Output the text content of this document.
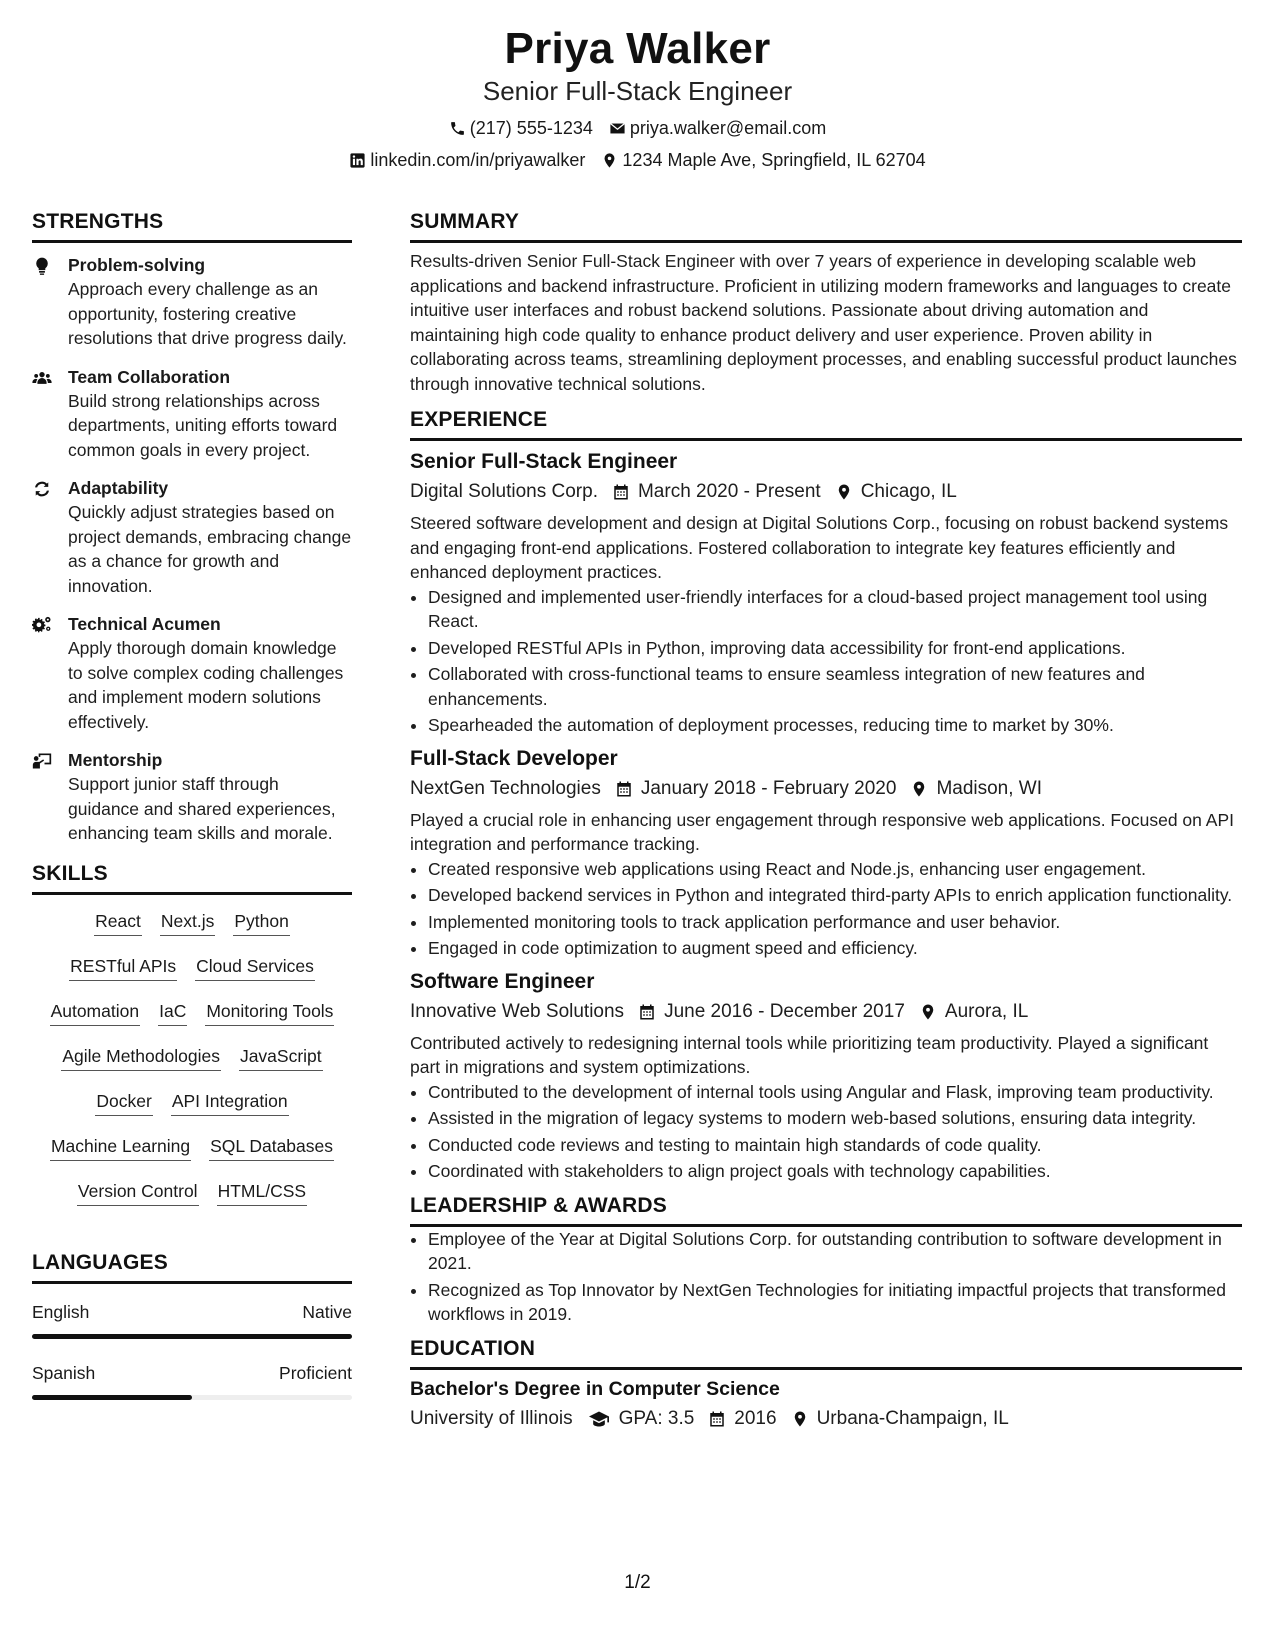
Priya Walker
Senior Full-Stack Engineer
(217) 555-1234 priya.walker@email.com
linkedin.com/in/priyawalker 1234 Maple Ave, Springfield, IL 62704
STRENGTHS
Problem-solving
Approach every challenge as an opportunity, fostering creative resolutions that drive progress daily.
Team Collaboration
Build strong relationships across departments, uniting efforts toward common goals in every project.
Adaptability
Quickly adjust strategies based on project demands, embracing change as a chance for growth and innovation.
Technical Acumen
Apply thorough domain knowledge to solve complex coding challenges and implement modern solutions effectively.
Mentorship
Support junior staff through guidance and shared experiences, enhancing team skills and morale.
SKILLS
React Next.js Python
RESTful APIs Cloud Services
Automation IaC Monitoring Tools
Agile Methodologies JavaScript
Docker API Integration
Machine Learning SQL Databases
Version Control HTML/CSS
LANGUAGES
English	Native
Spanish	Proficient
SUMMARY
Results-driven Senior Full-Stack Engineer with over 7 years of experience in developing scalable web applications and backend infrastructure. Proficient in utilizing modern frameworks and languages to create intuitive user interfaces and robust backend solutions. Passionate about driving automation and maintaining high code quality to enhance product delivery and user experience. Proven ability in collaborating across teams, streamlining deployment processes, and enabling successful product launches through innovative technical solutions.
EXPERIENCE
Senior Full-Stack Engineer
Digital Solutions Corp. March 2020 - Present Chicago, IL
Steered software development and design at Digital Solutions Corp., focusing on robust backend systems and engaging front-end applications. Fostered collaboration to integrate key features efficiently and enhanced deployment practices.
• Designed and implemented user-friendly interfaces for a cloud-based project management tool using React.
• Developed RESTful APIs in Python, improving data accessibility for front-end applications.
• Collaborated with cross-functional teams to ensure seamless integration of new features and enhancements.
• Spearheaded the automation of deployment processes, reducing time to market by 30%.
Full-Stack Developer
NextGen Technologies January 2018 - February 2020 Madison, WI
Played a crucial role in enhancing user engagement through responsive web applications. Focused on API integration and performance tracking.
• Created responsive web applications using React and Node.js, enhancing user engagement.
• Developed backend services in Python and integrated third-party APIs to enrich application functionality.
• Implemented monitoring tools to track application performance and user behavior.
• Engaged in code optimization to augment speed and efficiency.
Software Engineer
Innovative Web Solutions June 2016 - December 2017 Aurora, IL
Contributed actively to redesigning internal tools while prioritizing team productivity. Played a significant part in migrations and system optimizations.
• Contributed to the development of internal tools using Angular and Flask, improving team productivity.
• Assisted in the migration of legacy systems to modern web-based solutions, ensuring data integrity.
• Conducted code reviews and testing to maintain high standards of code quality.
• Coordinated with stakeholders to align project goals with technology capabilities.
LEADERSHIP & AWARDS
• Employee of the Year at Digital Solutions Corp. for outstanding contribution to software development in 2021.
• Recognized as Top Innovator by NextGen Technologies for initiating impactful projects that transformed workflows in 2019.
EDUCATION
Bachelor's Degree in Computer Science
University of Illinois GPA: 3.5 2016 Urbana-Champaign, IL
1/2
